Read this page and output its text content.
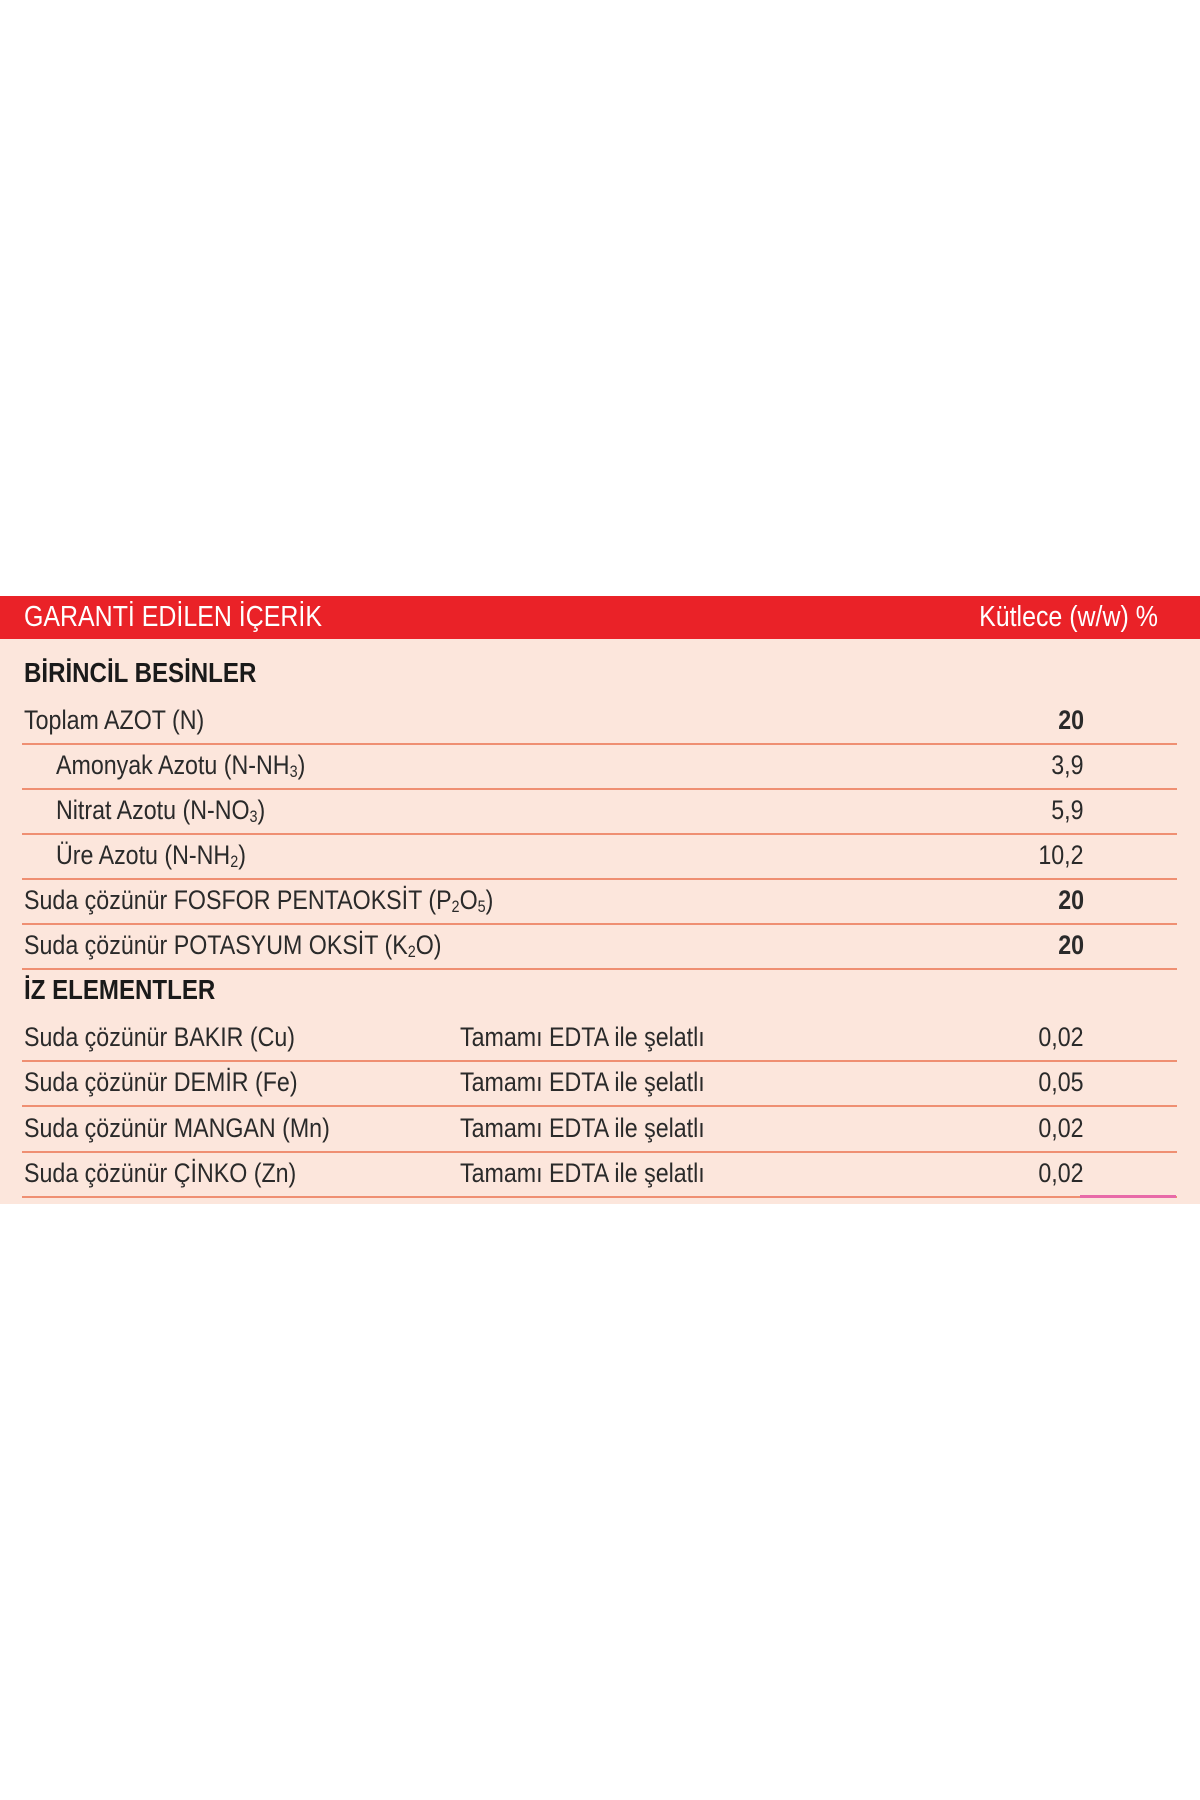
GARANTİ EDİLEN İÇERİK	Kütlece (w/w) %
BİRİNCİL BESİNLER
Toplam AZOT (N)	20
Amonyak Azotu $(N-NH_3)$	3,9
Nitrat Azotu $(N-NO_3)$	5,9
Üre Azotu $(N-NH_2)$	10,2
Suda çözünür FOSFOR PENTAOKSİT $(P_2O_5)$	20
Suda çözünür POTASYUM OKSİT $(K_2O)$	20
İZ ELEMENTLER
Suda çözünür BAKIR (Cu)	Tamamı EDTA ile şelatlı	0,02
Suda çözünür DEMİR (Fe)	Tamamı EDTA ile şelatlı	0,05
Suda çözünür MANGAN (Mn)	Tamamı EDTA ile şelatlı	0,02
Suda çözünür ÇİNKO (Zn)	Tamamı EDTA ile şelatlı	0,02
